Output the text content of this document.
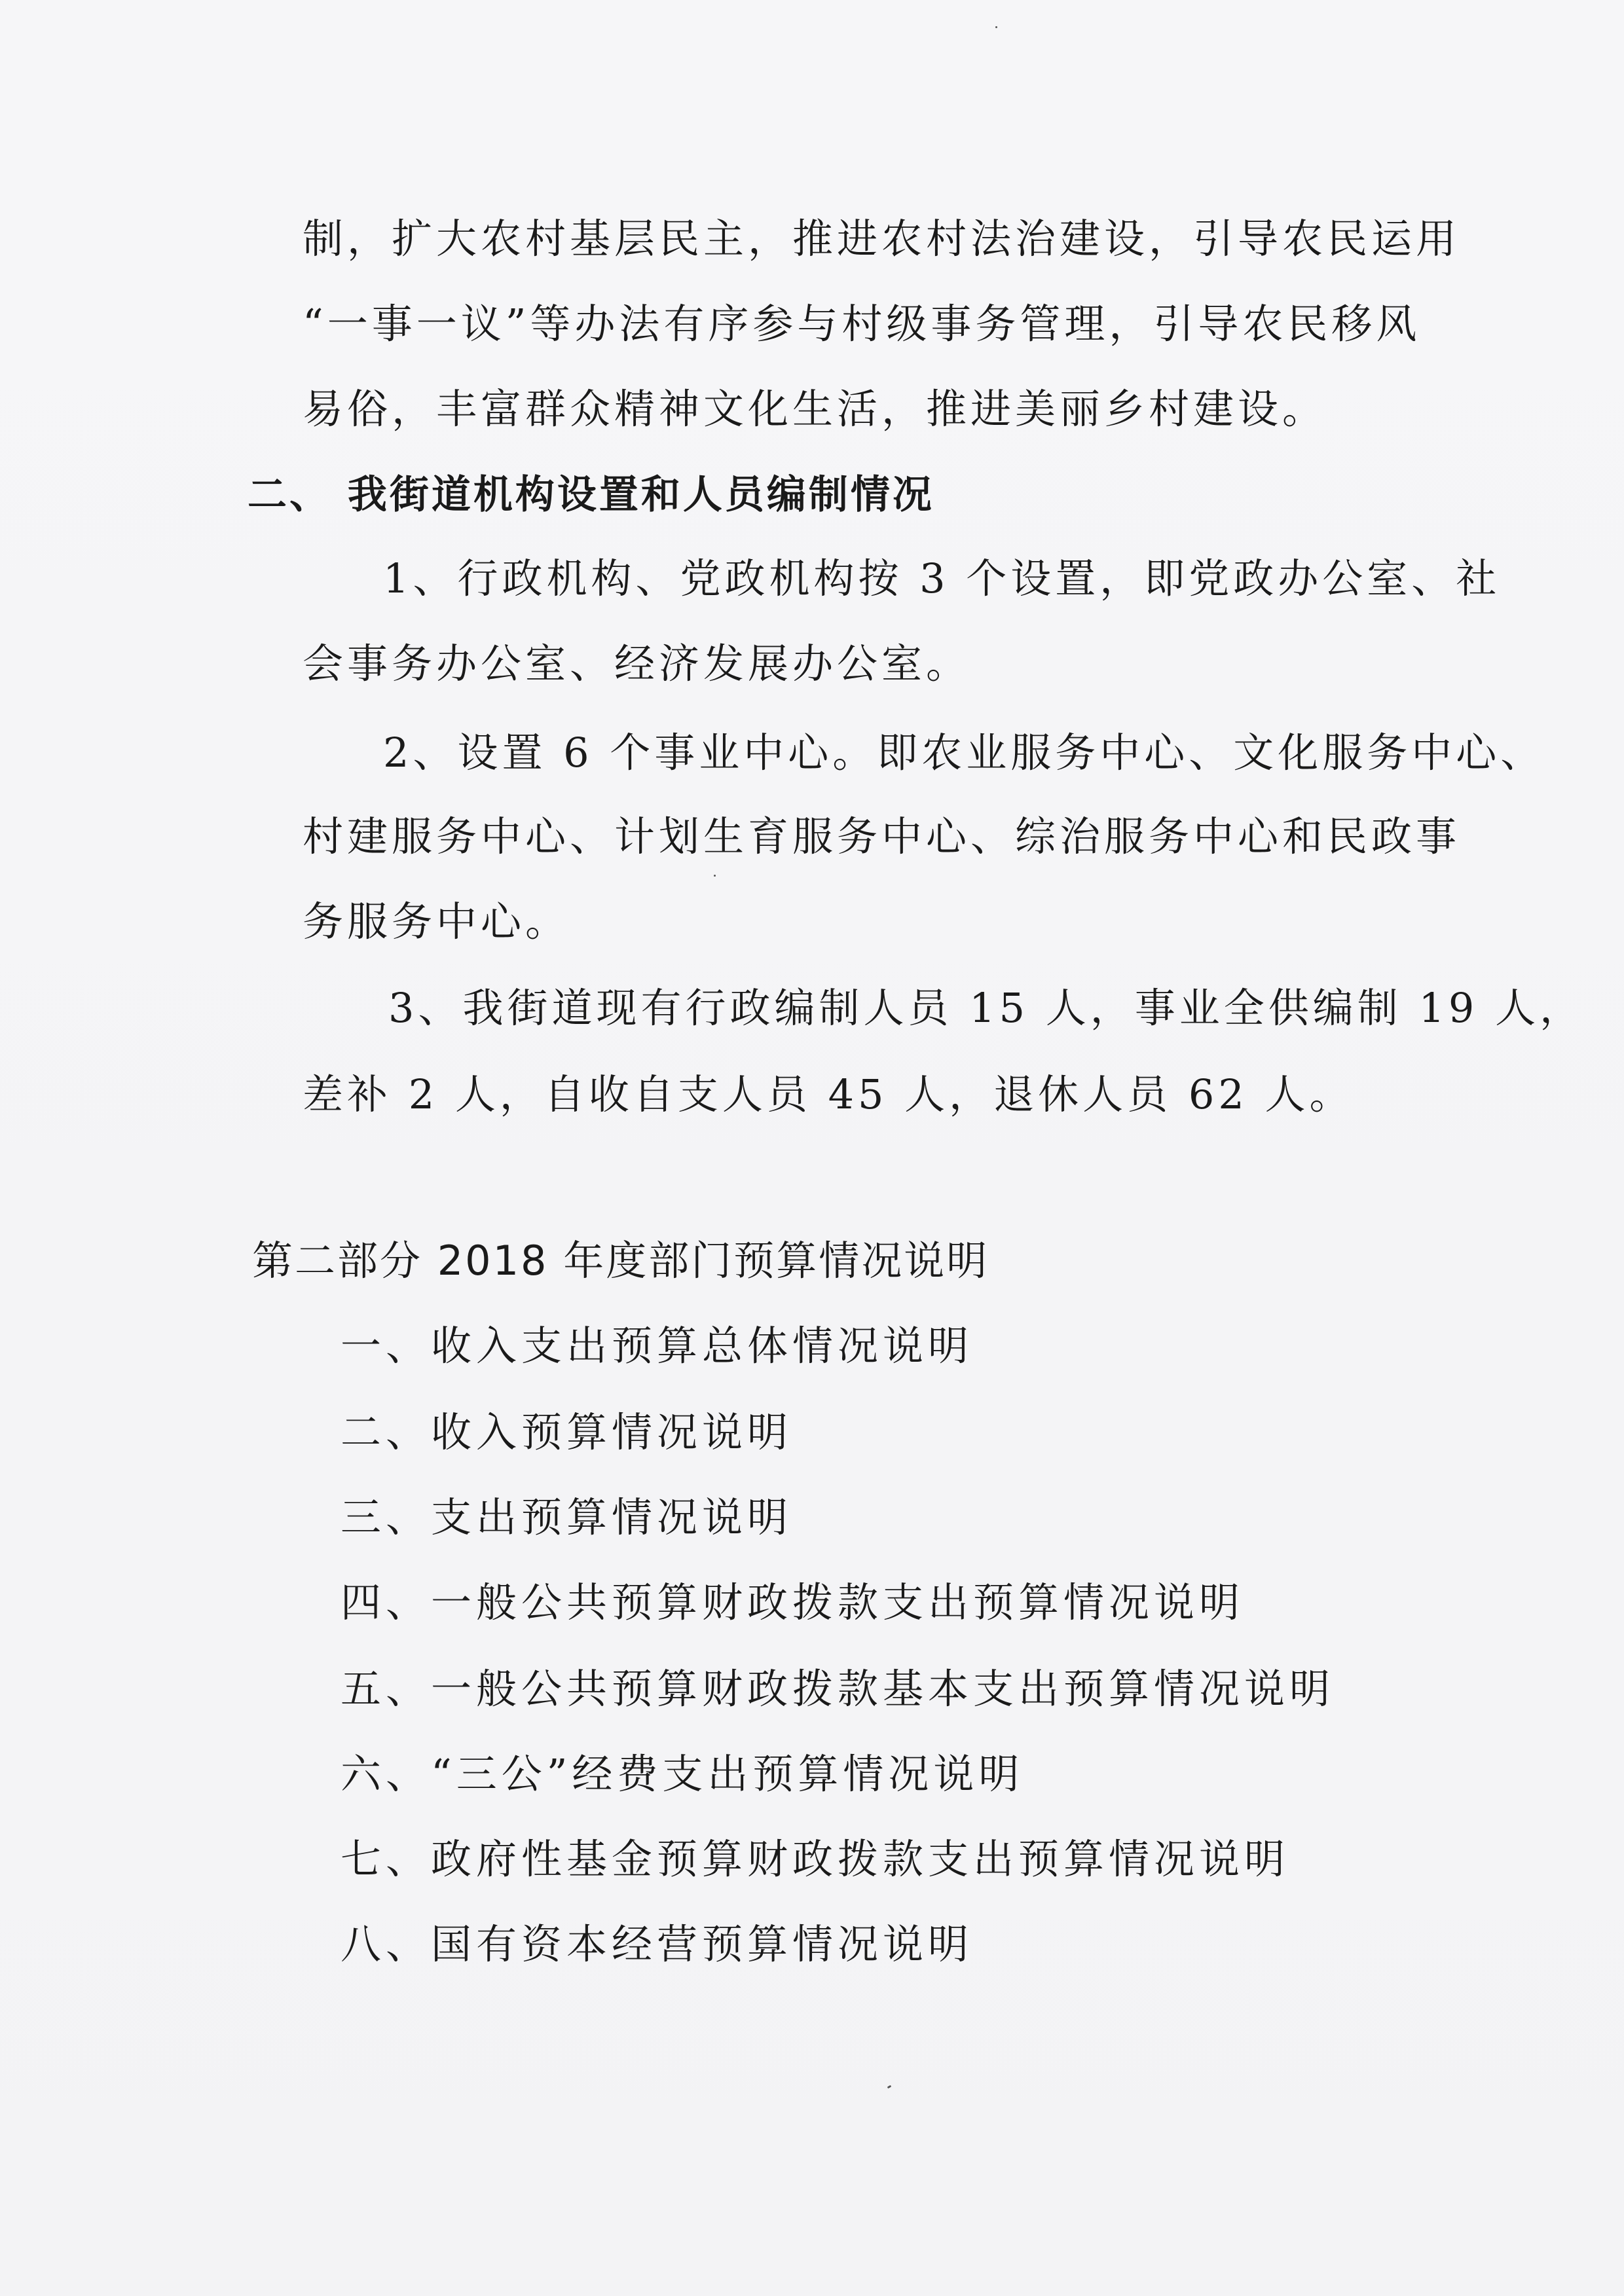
制，扩大农村基层民主，推进农村法治建设，引导农民运用
“一事一议”等办法有序参与村级事务管理，引导农民移风
易俗，丰富群众精神文化生活，推进美丽乡村建设。
二、 我街道机构设置和人员编制情况
1、行政机构、党政机构按 3 个设置，即党政办公室、社
会事务办公室、经济发展办公室。
2、设置 6 个事业中心。即农业服务中心、文化服务中心、
村建服务中心、计划生育服务中心、综治服务中心和民政事
务服务中心。
3、我街道现有行政编制人员 15 人，事业全供编制 19 人，
差补 2 人，自收自支人员 45 人，退休人员 62 人。
第二部分 2018 年度部门预算情况说明
一、收入支出预算总体情况说明
二、收入预算情况说明
三、支出预算情况说明
四、一般公共预算财政拨款支出预算情况说明
五、一般公共预算财政拨款基本支出预算情况说明
六、“三公”经费支出预算情况说明
七、政府性基金预算财政拨款支出预算情况说明
八、国有资本经营预算情况说明
